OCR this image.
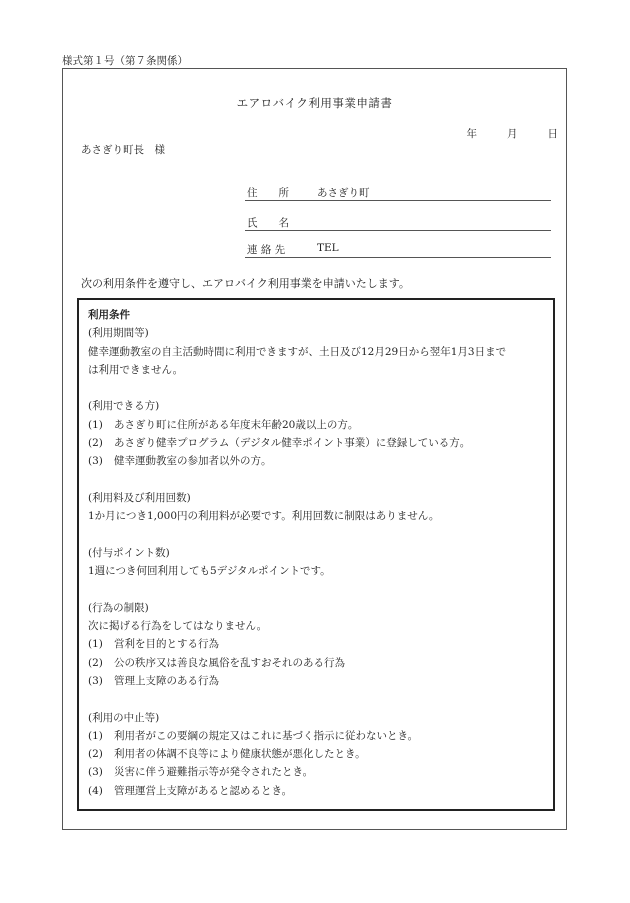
様式第１号（第７条関係）
エアロバイク利用事業申請書
年	月	日
あさぎり町長　様
住　　所	あさぎり町
氏　　名
連 絡 先	TEL
次の利用条件を遵守し、エアロバイク利用事業を申請いたします。
利用条件
(利用期間等)
健幸運動教室の自主活動時間に利用できますが、土日及び12月29日から翌年1月3日まで
は利用できません。
(利用できる方)
(1)	あさぎり町に住所がある年度末年齢20歳以上の方。
(2)	あさぎり健幸プログラム（デジタル健幸ポイント事業）に登録している方。
(3)	健幸運動教室の参加者以外の方。
(利用料及び利用回数)
1か月につき1,000円の利用料が必要です。利用回数に制限はありません。
(付与ポイント数)
1週につき何回利用しても5デジタルポイントです。
(行為の制限)
次に掲げる行為をしてはなりません。
(1)	営利を目的とする行為
(2)	公の秩序又は善良な風俗を乱すおそれのある行為
(3)	管理上支障のある行為
(利用の中止等)
(1)	利用者がこの要綱の規定又はこれに基づく指示に従わないとき。
(2)	利用者の体調不良等により健康状態が悪化したとき。
(3)	災害に伴う避難指示等が発令されたとき。
(4)	管理運営上支障があると認めるとき。
